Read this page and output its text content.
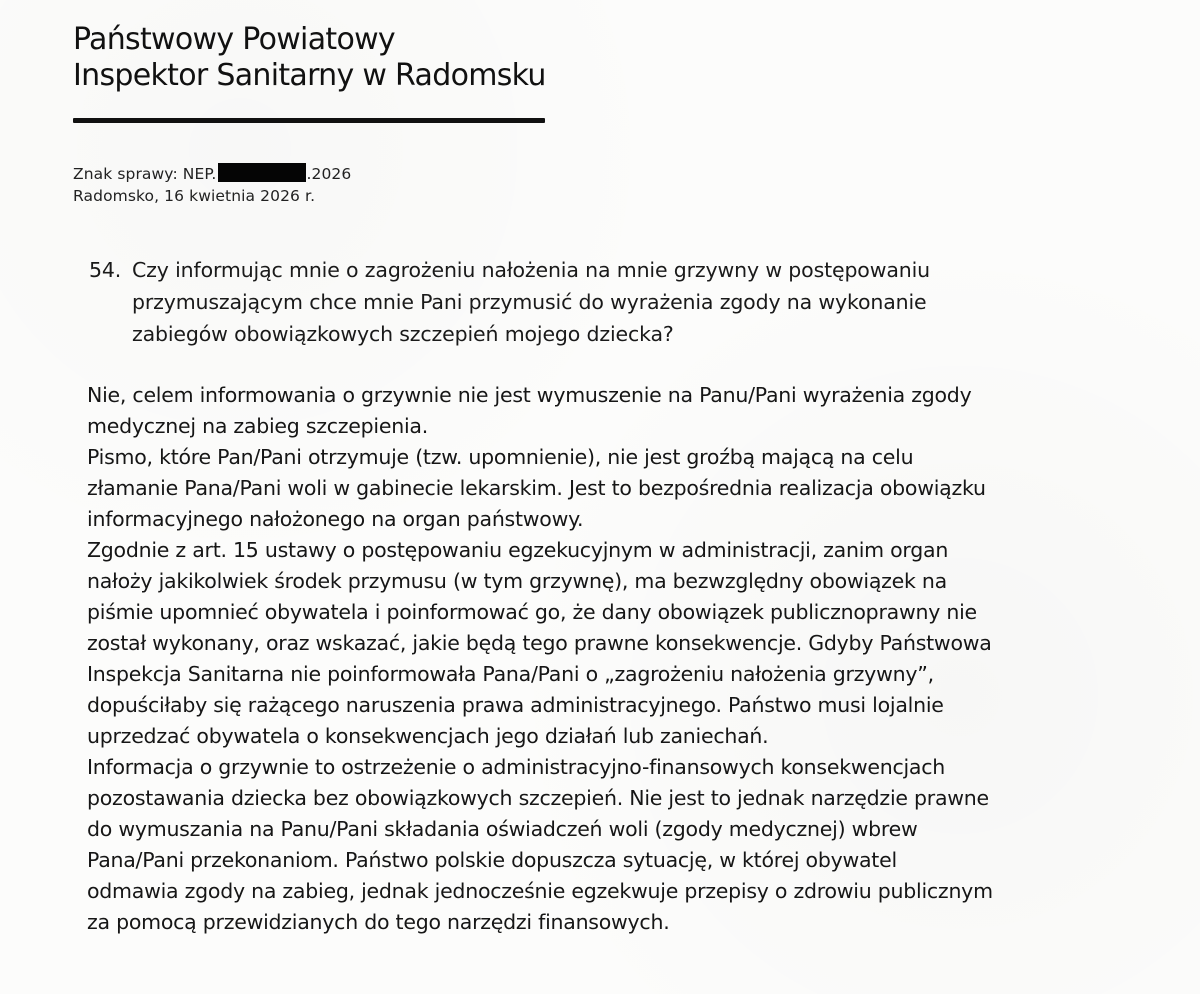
Państwowy Powiatowy
Inspektor Sanitarny w Radomsku
Znak sprawy: NEP.	.2026
Radomsko, 16 kwietnia 2026 r.
54. Czy informując mnie o zagrożeniu nałożenia na mnie grzywny w postępowaniu
przymuszającym chce mnie Pani przymusić do wyrażenia zgody na wykonanie
zabiegów obowiązkowych szczepień mojego dziecka?
Nie, celem informowania o grzywnie nie jest wymuszenie na Panu/Pani wyrażenia zgody
medycznej na zabieg szczepienia.
Pismo, które Pan/Pani otrzymuje (tzw. upomnienie), nie jest groźbą mającą na celu
złamanie Pana/Pani woli w gabinecie lekarskim. Jest to bezpośrednia realizacja obowiązku
informacyjnego nałożonego na organ państwowy.
Zgodnie z art. 15 ustawy o postępowaniu egzekucyjnym w administracji, zanim organ
nałoży jakikolwiek środek przymusu (w tym grzywnę), ma bezwzględny obowiązek na
piśmie upomnieć obywatela i poinformować go, że dany obowiązek publicznoprawny nie
został wykonany, oraz wskazać, jakie będą tego prawne konsekwencje. Gdyby Państwowa
Inspekcja Sanitarna nie poinformowała Pana/Pani o „zagrożeniu nałożenia grzywny”,
dopuściłaby się rażącego naruszenia prawa administracyjnego. Państwo musi lojalnie
uprzedzać obywatela o konsekwencjach jego działań lub zaniechań.
Informacja o grzywnie to ostrzeżenie o administracyjno-finansowych konsekwencjach
pozostawania dziecka bez obowiązkowych szczepień. Nie jest to jednak narzędzie prawne
do wymuszania na Panu/Pani składania oświadczeń woli (zgody medycznej) wbrew
Pana/Pani przekonaniom. Państwo polskie dopuszcza sytuację, w której obywatel
odmawia zgody na zabieg, jednak jednocześnie egzekwuje przepisy o zdrowiu publicznym
za pomocą przewidzianych do tego narzędzi finansowych.
